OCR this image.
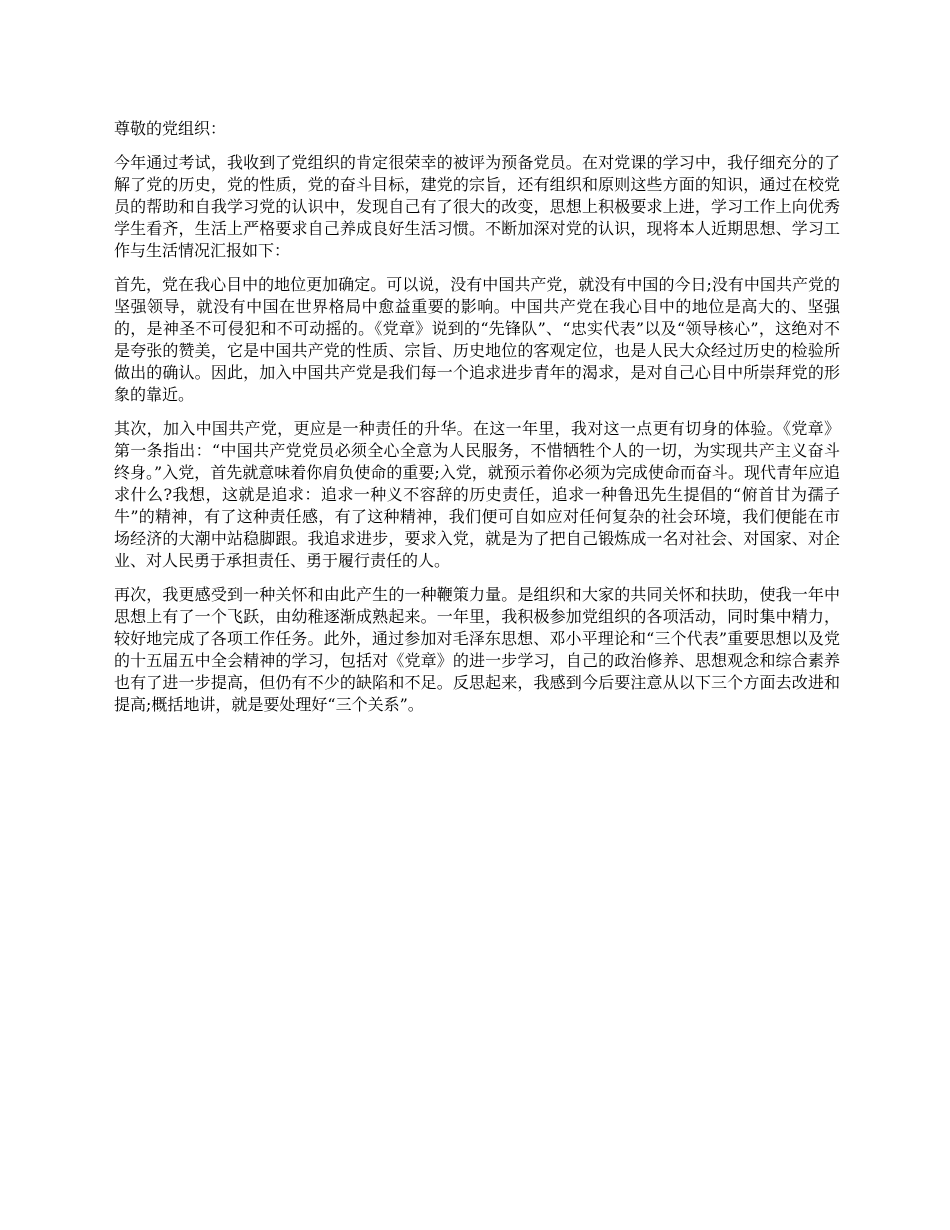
尊敬的党组织：

今年通过考试，我收到了党组织的肯定很荣幸的被评为预备党员。在对党课的学习中，我仔细充分的了解了党的历史，党的性质，党的奋斗目标，建党的宗旨，还有组织和原则这些方面的知识，通过在校党员的帮助和自我学习党的认识中，发现自己有了很大的改变，思想上积极要求上进，学习工作上向优秀学生看齐，生活上严格要求自己养成良好生活习惯。不断加深对党的认识，现将本人近期思想、学习工作与生活情况汇报如下：

首先，党在我心目中的地位更加确定。可以说，没有中国共产党，就没有中国的今日;没有中国共产党的坚强领导，就没有中国在世界格局中愈益重要的影响。中国共产党在我心目中的地位是高大的、坚强的，是神圣不可侵犯和不可动摇的。《党章》说到的“先锋队”、“忠实代表”以及“领导核心”，这绝对不是夸张的赞美，它是中国共产党的性质、宗旨、历史地位的客观定位，也是人民大众经过历史的检验所做出的确认。因此，加入中国共产党是我们每一个追求进步青年的渴求，是对自己心目中所崇拜党的形象的靠近。

其次，加入中国共产党，更应是一种责任的升华。在这一年里，我对这一点更有切身的体验。《党章》第一条指出：“中国共产党党员必须全心全意为人民服务，不惜牺牲个人的一切，为实现共产主义奋斗终身。”入党，首先就意味着你肩负使命的重要;入党，就预示着你必须为完成使命而奋斗。现代青年应追求什么?我想，这就是追求：追求一种义不容辞的历史责任，追求一种鲁迅先生提倡的“俯首甘为孺子牛”的精神，有了这种责任感，有了这种精神，我们便可自如应对任何复杂的社会环境，我们便能在市场经济的大潮中站稳脚跟。我追求进步，要求入党，就是为了把自己锻炼成一名对社会、对国家、对企业、对人民勇于承担责任、勇于履行责任的人。

再次，我更感受到一种关怀和由此产生的一种鞭策力量。是组织和大家的共同关怀和扶助，使我一年中思想上有了一个飞跃，由幼稚逐渐成熟起来。一年里，我积极参加党组织的各项活动，同时集中精力，较好地完成了各项工作任务。此外，通过参加对毛泽东思想、邓小平理论和“三个代表”重要思想以及党的十五届五中全会精神的学习，包括对《党章》的进一步学习，自己的政治修养、思想观念和综合素养也有了进一步提高，但仍有不少的缺陷和不足。反思起来，我感到今后要注意从以下三个方面去改进和提高;概括地讲，就是要处理好“三个关系”。
